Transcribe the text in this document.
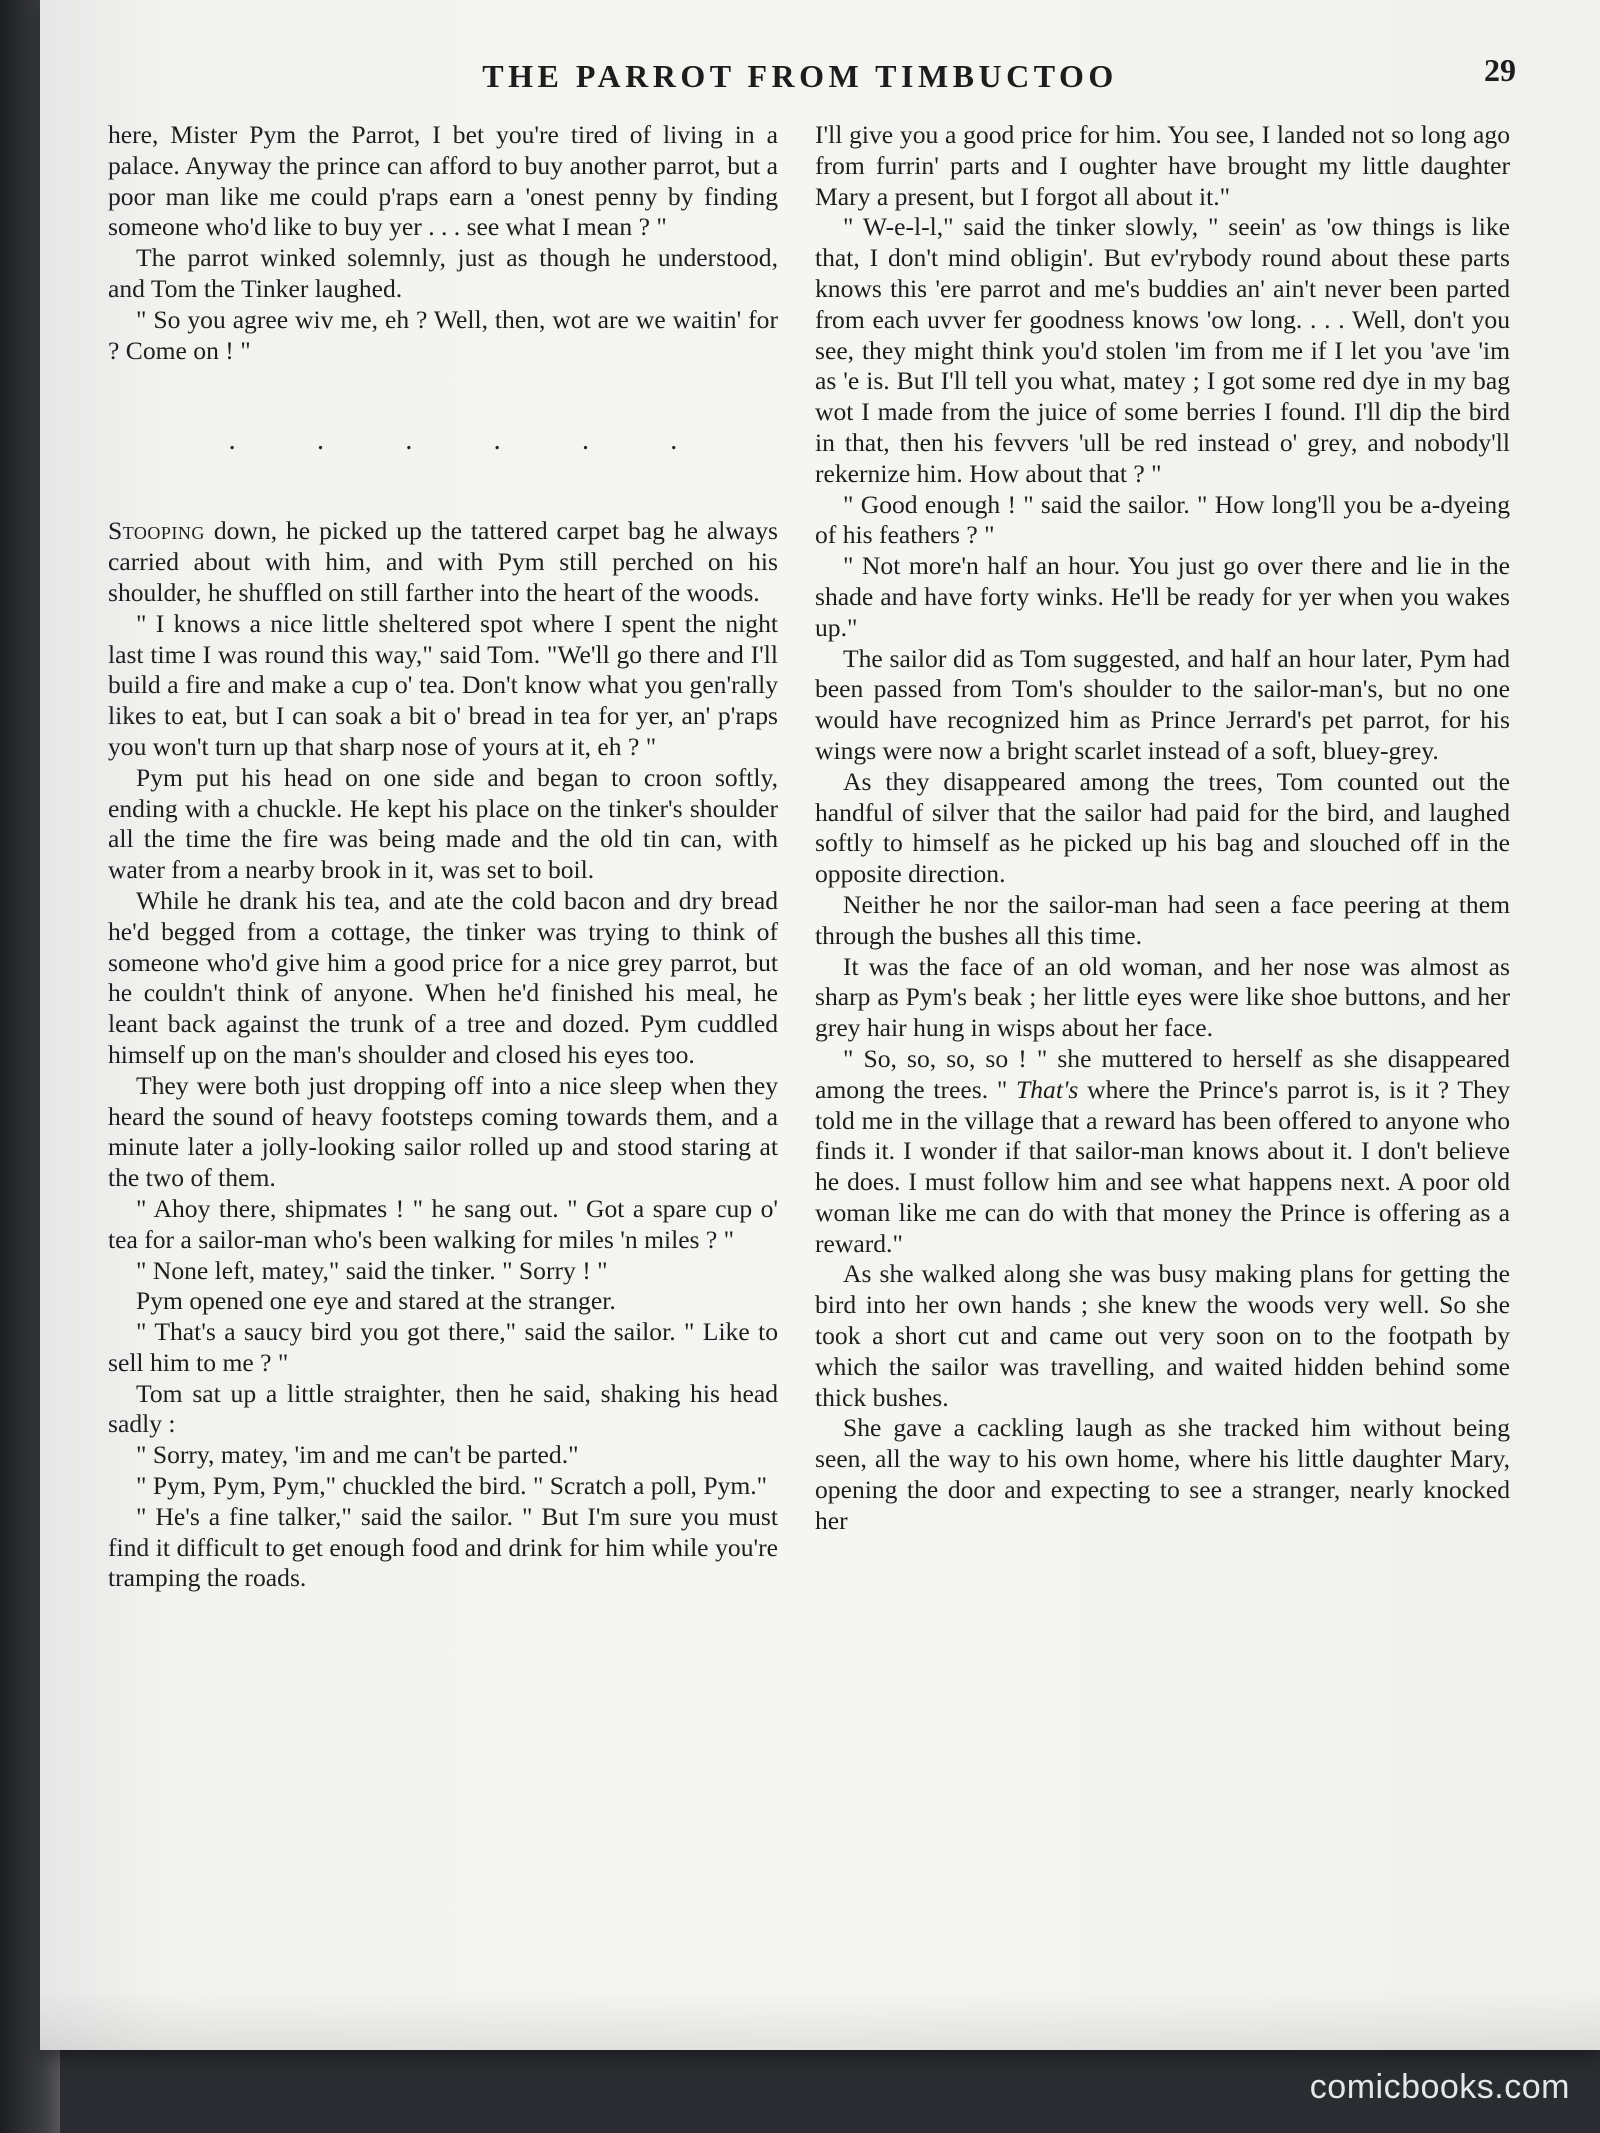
THE PARROT FROM TIMBUCTOO	29

here, Mister Pym the Parrot, I bet you're tired of living in a palace. Anyway the prince can afford to buy another parrot, but a poor man like me could p'raps earn a 'onest penny by finding someone who'd like to buy yer . . . see what I mean ? "

The parrot winked solemnly, just as though he understood, and Tom the Tinker laughed.

" So you agree wiv me, eh ? Well, then, wot are we waitin' for ? Come on ! "

.	.	.	.	.	.

Stooping down, he picked up the tattered carpet bag he always carried about with him, and with Pym still perched on his shoulder, he shuffled on still farther into the heart of the woods.

" I knows a nice little sheltered spot where I spent the night last time I was round this way," said Tom. "We'll go there and I'll build a fire and make a cup o' tea. Don't know what you gen'rally likes to eat, but I can soak a bit o' bread in tea for yer, an' p'raps you won't turn up that sharp nose of yours at it, eh ? "

Pym put his head on one side and began to croon softly, ending with a chuckle. He kept his place on the tinker's shoulder all the time the fire was being made and the old tin can, with water from a nearby brook in it, was set to boil.

While he drank his tea, and ate the cold bacon and dry bread he'd begged from a cottage, the tinker was trying to think of someone who'd give him a good price for a nice grey parrot, but he couldn't think of anyone. When he'd finished his meal, he leant back against the trunk of a tree and dozed. Pym cuddled himself up on the man's shoulder and closed his eyes too.

They were both just dropping off into a nice sleep when they heard the sound of heavy footsteps coming towards them, and a minute later a jolly-looking sailor rolled up and stood staring at the two of them.

" Ahoy there, shipmates ! " he sang out. " Got a spare cup o' tea for a sailor-man who's been walking for miles 'n miles ? "

" None left, matey," said the tinker. " Sorry ! "

Pym opened one eye and stared at the stranger.

" That's a saucy bird you got there," said the sailor. " Like to sell him to me ? "

Tom sat up a little straighter, then he said, shaking his head sadly :

" Sorry, matey, 'im and me can't be parted."

" Pym, Pym, Pym," chuckled the bird. " Scratch a poll, Pym."

" He's a fine talker," said the sailor. " But I'm sure you must find it difficult to get enough food and drink for him while you're tramping the roads.

I'll give you a good price for him. You see, I landed not so long ago from furrin' parts and I oughter have brought my little daughter Mary a present, but I forgot all about it."

" W-e-l-l," said the tinker slowly, " seein' as 'ow things is like that, I don't mind obligin'. But ev'rybody round about these parts knows this 'ere parrot and me's buddies an' ain't never been parted from each uvver fer goodness knows 'ow long. . . . Well, don't you see, they might think you'd stolen 'im from me if I let you 'ave 'im as 'e is. But I'll tell you what, matey ; I got some red dye in my bag wot I made from the juice of some berries I found. I'll dip the bird in that, then his fevvers 'ull be red instead o' grey, and nobody'll rekernize him. How about that ? "

" Good enough ! " said the sailor. " How long'll you be a-dyeing of his feathers ? "

" Not more'n half an hour. You just go over there and lie in the shade and have forty winks. He'll be ready for yer when you wakes up."

The sailor did as Tom suggested, and half an hour later, Pym had been passed from Tom's shoulder to the sailor-man's, but no one would have recognized him as Prince Jerrard's pet parrot, for his wings were now a bright scarlet instead of a soft, bluey-grey.

As they disappeared among the trees, Tom counted out the handful of silver that the sailor had paid for the bird, and laughed softly to himself as he picked up his bag and slouched off in the opposite direction.

Neither he nor the sailor-man had seen a face peering at them through the bushes all this time.

It was the face of an old woman, and her nose was almost as sharp as Pym's beak ; her little eyes were like shoe buttons, and her grey hair hung in wisps about her face.

" So, so, so, so ! " she muttered to herself as she disappeared among the trees. " That's where the Prince's parrot is, is it ? They told me in the village that a reward has been offered to anyone who finds it. I wonder if that sailor-man knows about it. I don't believe he does. I must follow him and see what happens next. A poor old woman like me can do with that money the Prince is offering as a reward."

As she walked along she was busy making plans for getting the bird into her own hands ; she knew the woods very well. So she took a short cut and came out very soon on to the footpath by which the sailor was travelling, and waited hidden behind some thick bushes.

She gave a cackling laugh as she tracked him without being seen, all the way to his own home, where his little daughter Mary, opening the door and expecting to see a stranger, nearly knocked her

comicbooks.com
